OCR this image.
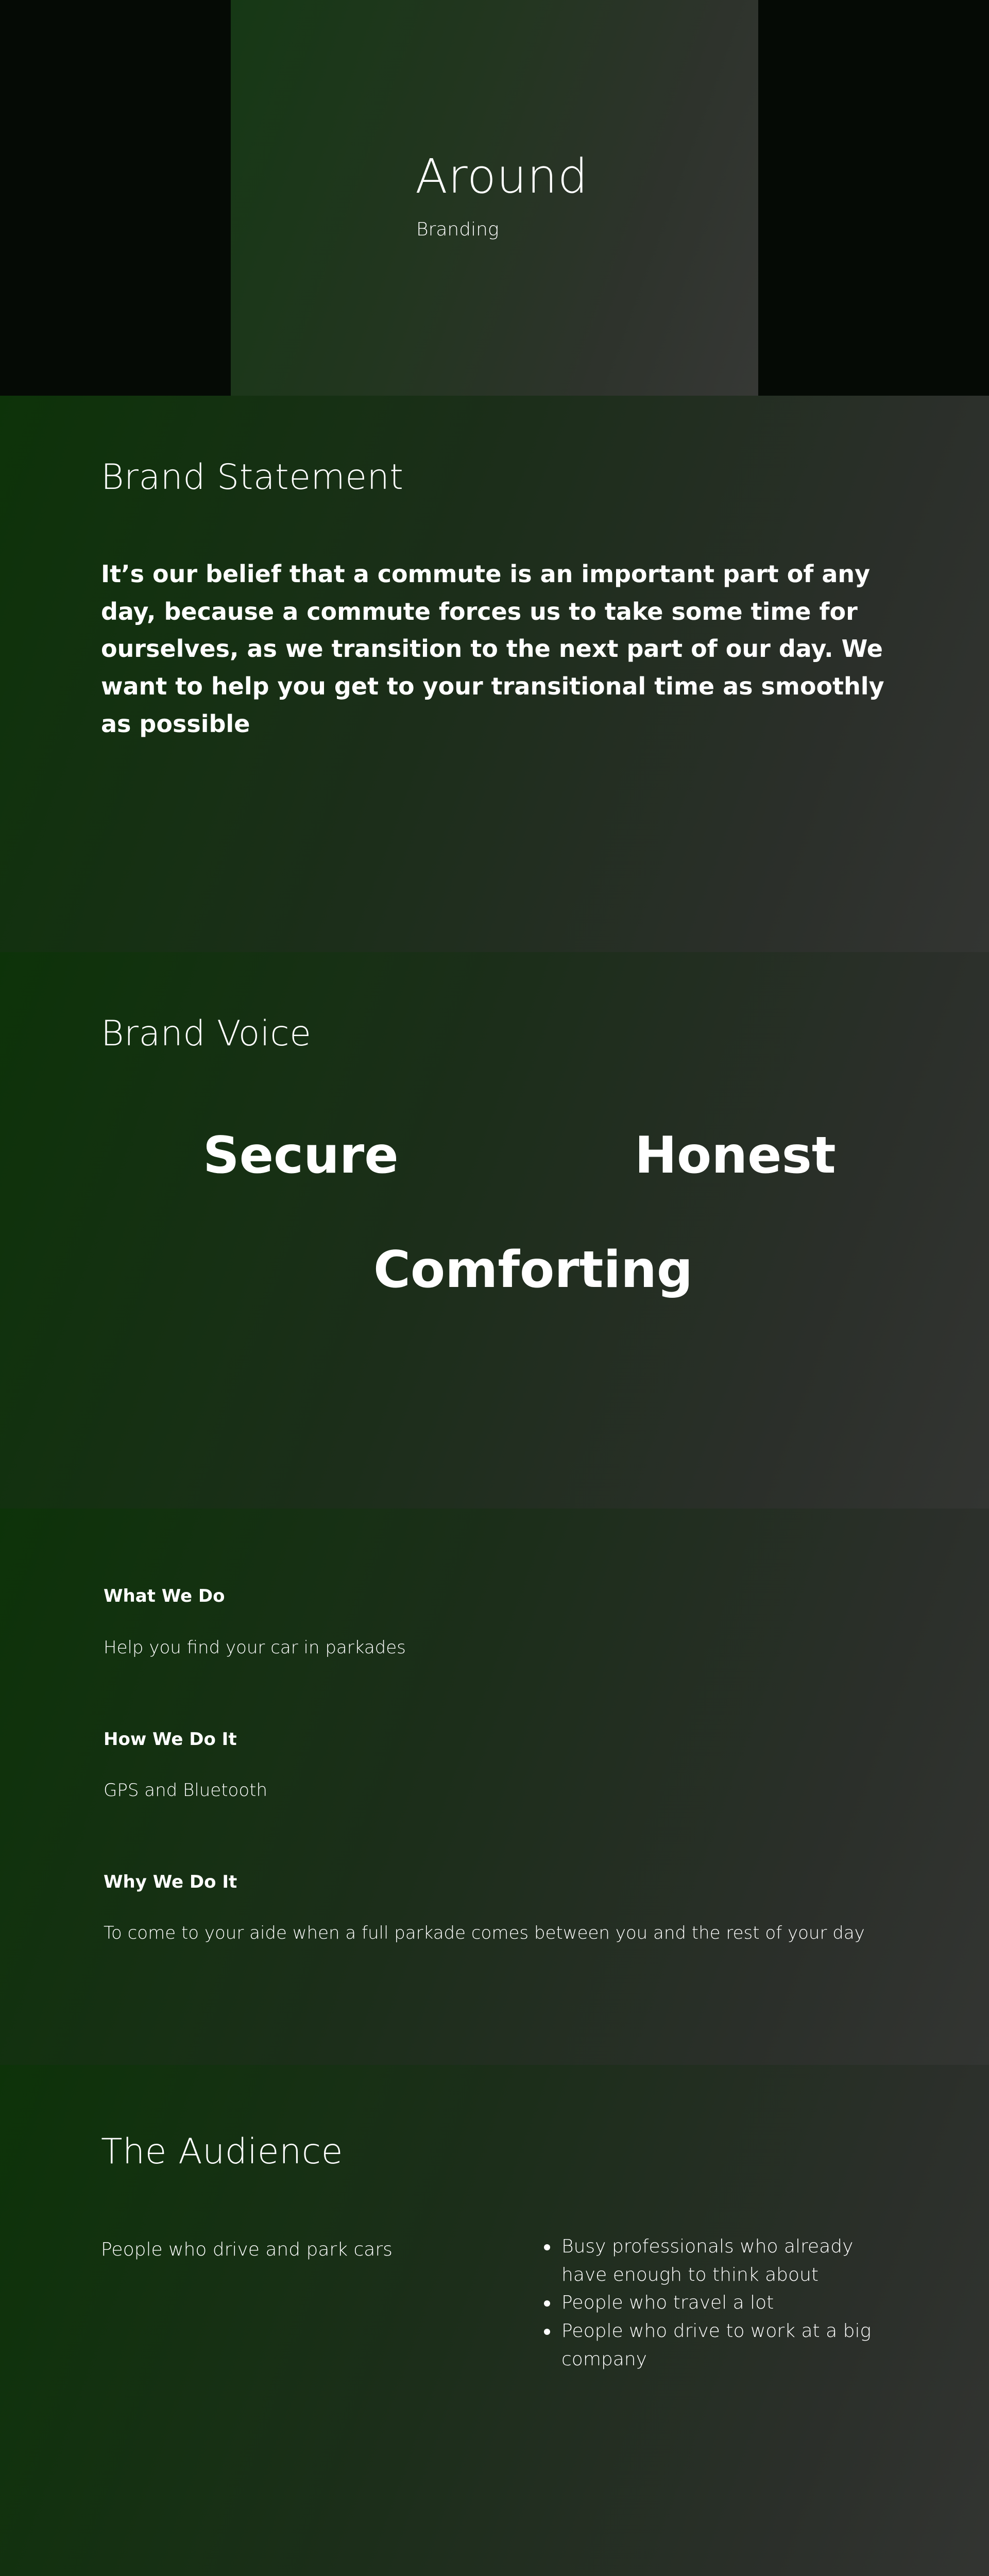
Around
Branding
Brand Statement

It’s our belief that a commute is an important part of any day, because a commute forces us to take some time for ourselves, as we transition to the next part of our day. We want to help you get to your transitional time as smoothly as possible

Brand Voice
Secure	Honest
Comforting
What We Do

Help you find your car in parkades

How We Do It

GPS and Bluetooth

Why We Do It

To come to your aide when a full parkade comes between you and the rest of your day

The Audience

People who drive and park cars	Busy professionals who already have enough to think about
People who travel a lot
People who drive to work at a big company
